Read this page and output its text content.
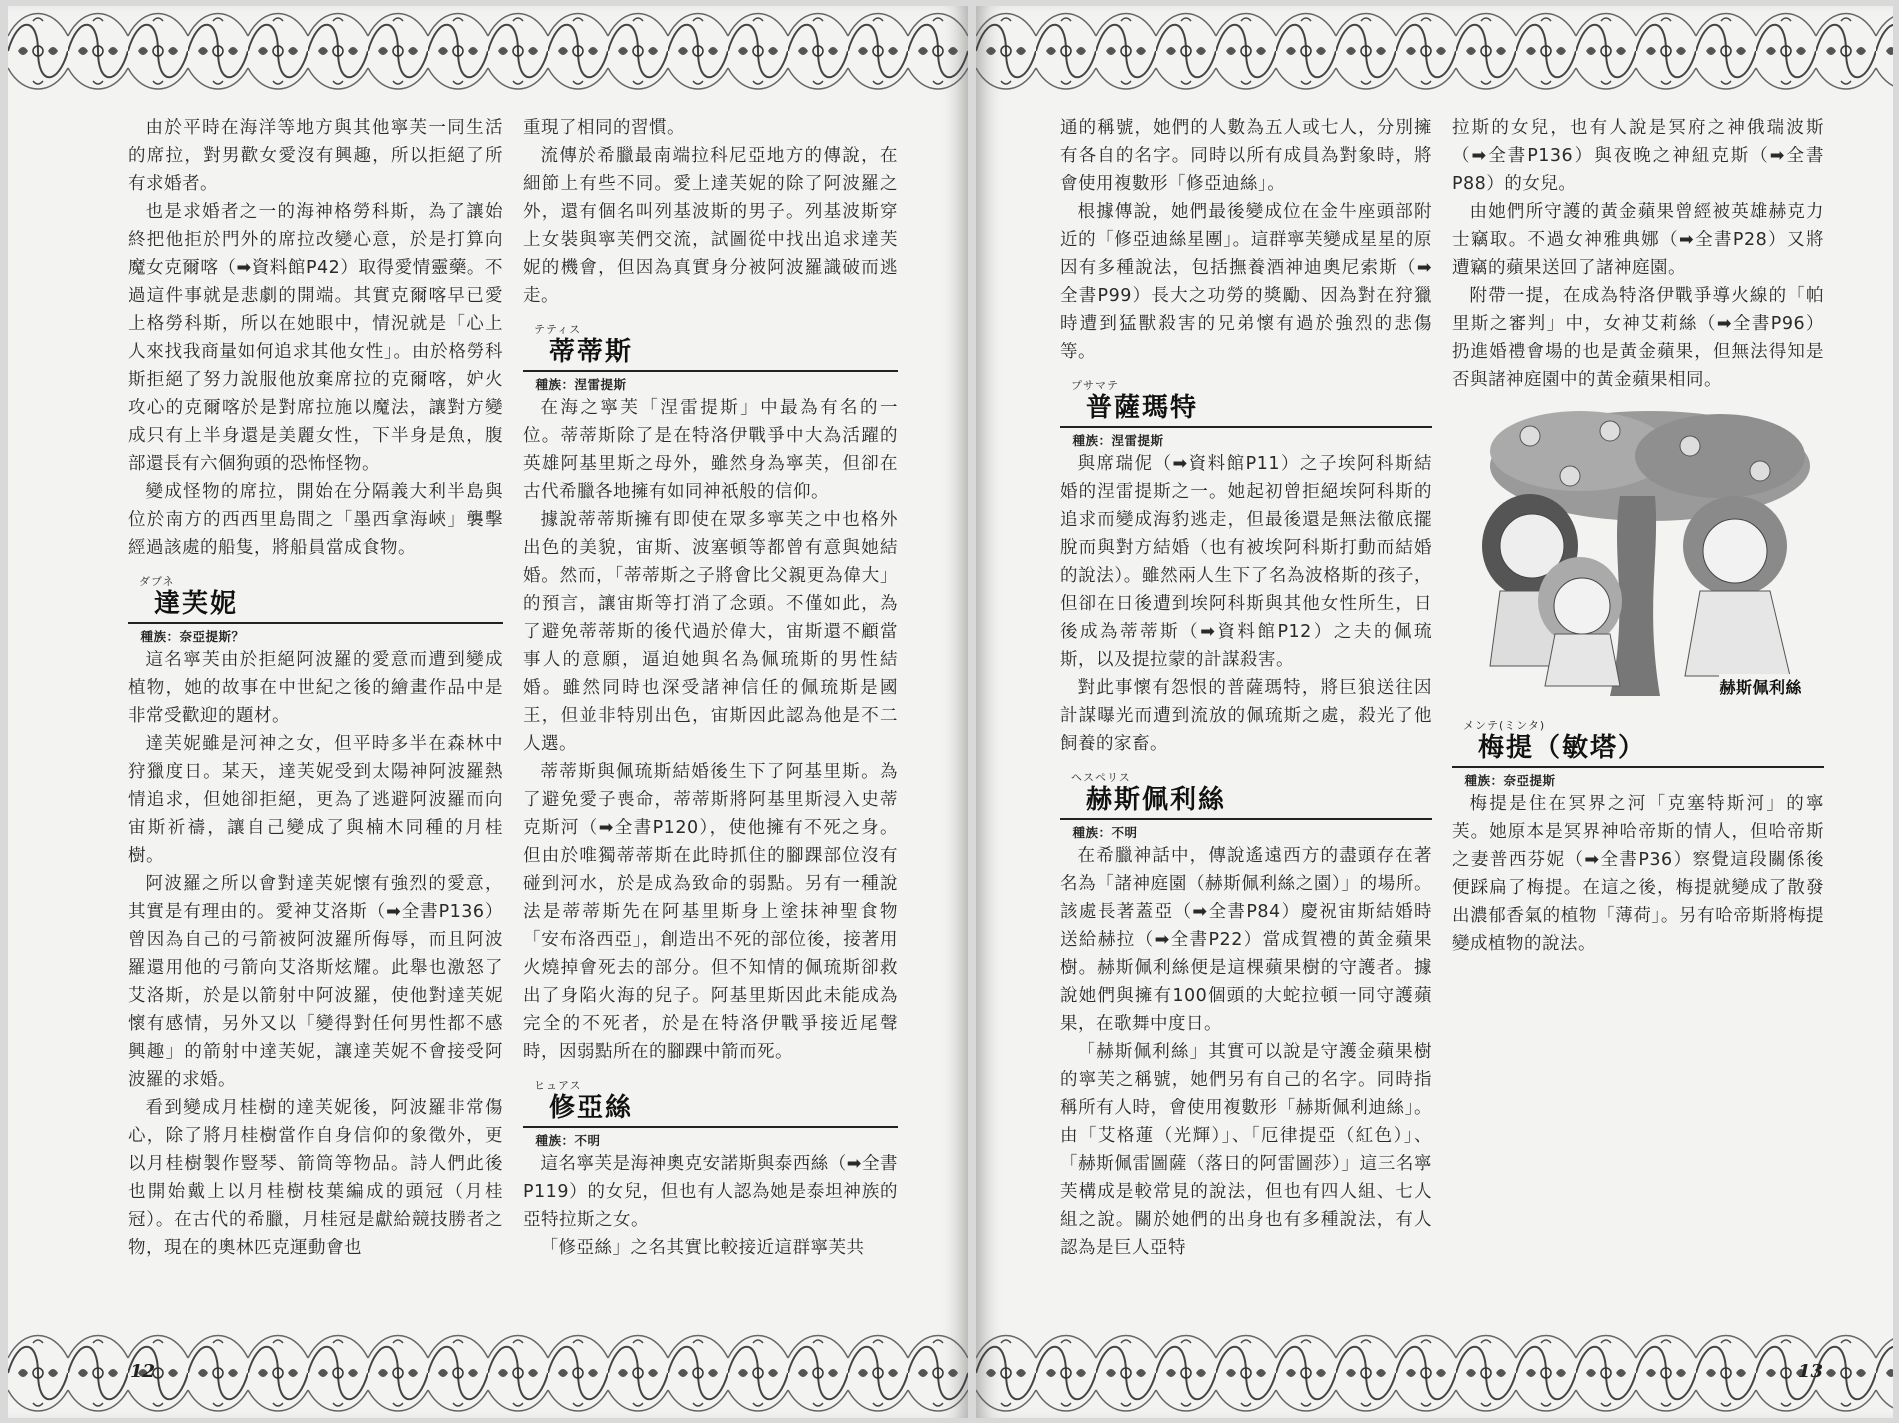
由於平時在海洋等地方與其他寧芙一同生活的席拉，對男歡女愛沒有興趣，所以拒絕了所有求婚者。

也是求婚者之一的海神格勞科斯，為了讓始終把他拒於門外的席拉改變心意，於是打算向魔女克爾喀（➡資料館P42）取得愛情靈藥。不過這件事就是悲劇的開端。其實克爾喀早已愛上格勞科斯，所以在她眼中，情況就是「心上人來找我商量如何追求其他女性」。由於格勞科斯拒絕了努力說服他放棄席拉的克爾喀，妒火攻心的克爾喀於是對席拉施以魔法，讓對方變成只有上半身還是美麗女性，下半身是魚，腹部還長有六個狗頭的恐怖怪物。

變成怪物的席拉，開始在分隔義大利半島與位於南方的西西里島間之「墨西拿海峽」襲擊經過該處的船隻，將船員當成食物。

ダブネ

達芙妮

種族：奈亞提斯？

這名寧芙由於拒絕阿波羅的愛意而遭到變成植物，她的故事在中世紀之後的繪畫作品中是非常受歡迎的題材。

達芙妮雖是河神之女，但平時多半在森林中狩獵度日。某天，達芙妮受到太陽神阿波羅熱情追求，但她卻拒絕，更為了逃避阿波羅而向宙斯祈禱，讓自己變成了與楠木同種的月桂樹。

阿波羅之所以會對達芙妮懷有強烈的愛意，其實是有理由的。愛神艾洛斯（➡全書P136）曾因為自己的弓箭被阿波羅所侮辱，而且阿波羅還用他的弓箭向艾洛斯炫耀。此舉也激怒了艾洛斯，於是以箭射中阿波羅，使他對達芙妮懷有感情，另外又以「變得對任何男性都不感興趣」的箭射中達芙妮，讓達芙妮不會接受阿波羅的求婚。

看到變成月桂樹的達芙妮後，阿波羅非常傷心，除了將月桂樹當作自身信仰的象徵外，更以月桂樹製作豎琴、箭筒等物品。詩人們此後也開始戴上以月桂樹枝葉編成的頭冠（月桂冠）。在古代的希臘，月桂冠是獻給競技勝者之物，現在的奧林匹克運動會也

重現了相同的習慣。

流傳於希臘最南端拉科尼亞地方的傳說，在細節上有些不同。愛上達芙妮的除了阿波羅之外，還有個名叫列基波斯的男子。列基波斯穿上女裝與寧芙們交流，試圖從中找出追求達芙妮的機會，但因為真實身分被阿波羅識破而逃走。

テティス

蒂蒂斯

種族：涅雷提斯

在海之寧芙「涅雷提斯」中最為有名的一位。蒂蒂斯除了是在特洛伊戰爭中大為活躍的英雄阿基里斯之母外，雖然身為寧芙，但卻在古代希臘各地擁有如同神祇般的信仰。

據說蒂蒂斯擁有即使在眾多寧芙之中也格外出色的美貌，宙斯、波塞頓等都曾有意與她結婚。然而，「蒂蒂斯之子將會比父親更為偉大」的預言，讓宙斯等打消了念頭。不僅如此，為了避免蒂蒂斯的後代過於偉大，宙斯還不顧當事人的意願，逼迫她與名為佩琉斯的男性結婚。雖然同時也深受諸神信任的佩琉斯是國王，但並非特別出色，宙斯因此認為他是不二人選。

蒂蒂斯與佩琉斯結婚後生下了阿基里斯。為了避免愛子喪命，蒂蒂斯將阿基里斯浸入史蒂克斯河（➡全書P120），使他擁有不死之身。但由於唯獨蒂蒂斯在此時抓住的腳踝部位沒有碰到河水，於是成為致命的弱點。另有一種說法是蒂蒂斯先在阿基里斯身上塗抹神聖食物「安布洛西亞」，創造出不死的部位後，接著用火燒掉會死去的部分。但不知情的佩琉斯卻救出了身陷火海的兒子。阿基里斯因此未能成為完全的不死者，於是在特洛伊戰爭接近尾聲時，因弱點所在的腳踝中箭而死。

ヒュアス

修亞絲

種族：不明

這名寧芙是海神奧克安諾斯與泰西絲（➡全書P119）的女兒，但也有人認為她是泰坦神族的亞特拉斯之女。

「修亞絲」之名其實比較接近這群寧芙共

12

通的稱號，她們的人數為五人或七人，分別擁有各自的名字。同時以所有成員為對象時，將會使用複數形「修亞迪絲」。

根據傳說，她們最後變成位在金牛座頭部附近的「修亞迪絲星團」。這群寧芙變成星星的原因有多種說法，包括撫養酒神迪奧尼索斯（➡全書P99）長大之功勞的獎勵、因為對在狩獵時遭到猛獸殺害的兄弟懷有過於強烈的悲傷等。

プサマテ

普薩瑪特

種族：涅雷提斯

與席瑞伲（➡資料館P11）之子埃阿科斯結婚的涅雷提斯之一。她起初曾拒絕埃阿科斯的追求而變成海豹逃走，但最後還是無法徹底擺脫而與對方結婚（也有被埃阿科斯打動而結婚的說法）。雖然兩人生下了名為波格斯的孩子，但卻在日後遭到埃阿科斯與其他女性所生，日後成為蒂蒂斯（➡資料館P12）之夫的佩琉斯，以及提拉蒙的計謀殺害。

對此事懷有怨恨的普薩瑪特，將巨狼送往因計謀曝光而遭到流放的佩琉斯之處，殺光了他飼養的家畜。

ヘスペリス

赫斯佩利絲

種族：不明

在希臘神話中，傳說遙遠西方的盡頭存在著名為「諸神庭園（赫斯佩利絲之園）」的場所。該處長著蓋亞（➡全書P84）慶祝宙斯結婚時送給赫拉（➡全書P22）當成賀禮的黃金蘋果樹。赫斯佩利絲便是這棵蘋果樹的守護者。據說她們與擁有100個頭的大蛇拉頓一同守護蘋果，在歌舞中度日。

「赫斯佩利絲」其實可以說是守護金蘋果樹的寧芙之稱號，她們另有自己的名字。同時指稱所有人時，會使用複數形「赫斯佩利迪絲」。由「艾格蓮（光輝）」、「厄律提亞（紅色）」、「赫斯佩雷圖薩（落日的阿雷圖莎）」這三名寧芙構成是較常見的說法，但也有四人組、七人組之說。關於她們的出身也有多種說法，有人認為是巨人亞特

拉斯的女兒，也有人說是冥府之神俄瑞波斯（➡全書P136）與夜晚之神紐克斯（➡全書P88）的女兒。

由她們所守護的黃金蘋果曾經被英雄赫克力士竊取。不過女神雅典娜（➡全書P28）又將遭竊的蘋果送回了諸神庭園。

附帶一提，在成為特洛伊戰爭導火線的「帕里斯之審判」中，女神艾莉絲（➡全書P96）扔進婚禮會場的也是黃金蘋果，但無法得知是否與諸神庭園中的黃金蘋果相同。

赫斯佩利絲

メンテ(ミンタ)

梅提（敏塔）

種族：奈亞提斯

梅提是住在冥界之河「克塞特斯河」的寧芙。她原本是冥界神哈帝斯的情人，但哈帝斯之妻普西芬妮（➡全書P36）察覺這段關係後便踩扁了梅提。在這之後，梅提就變成了散發出濃郁香氣的植物「薄荷」。另有哈帝斯將梅提變成植物的說法。

13
